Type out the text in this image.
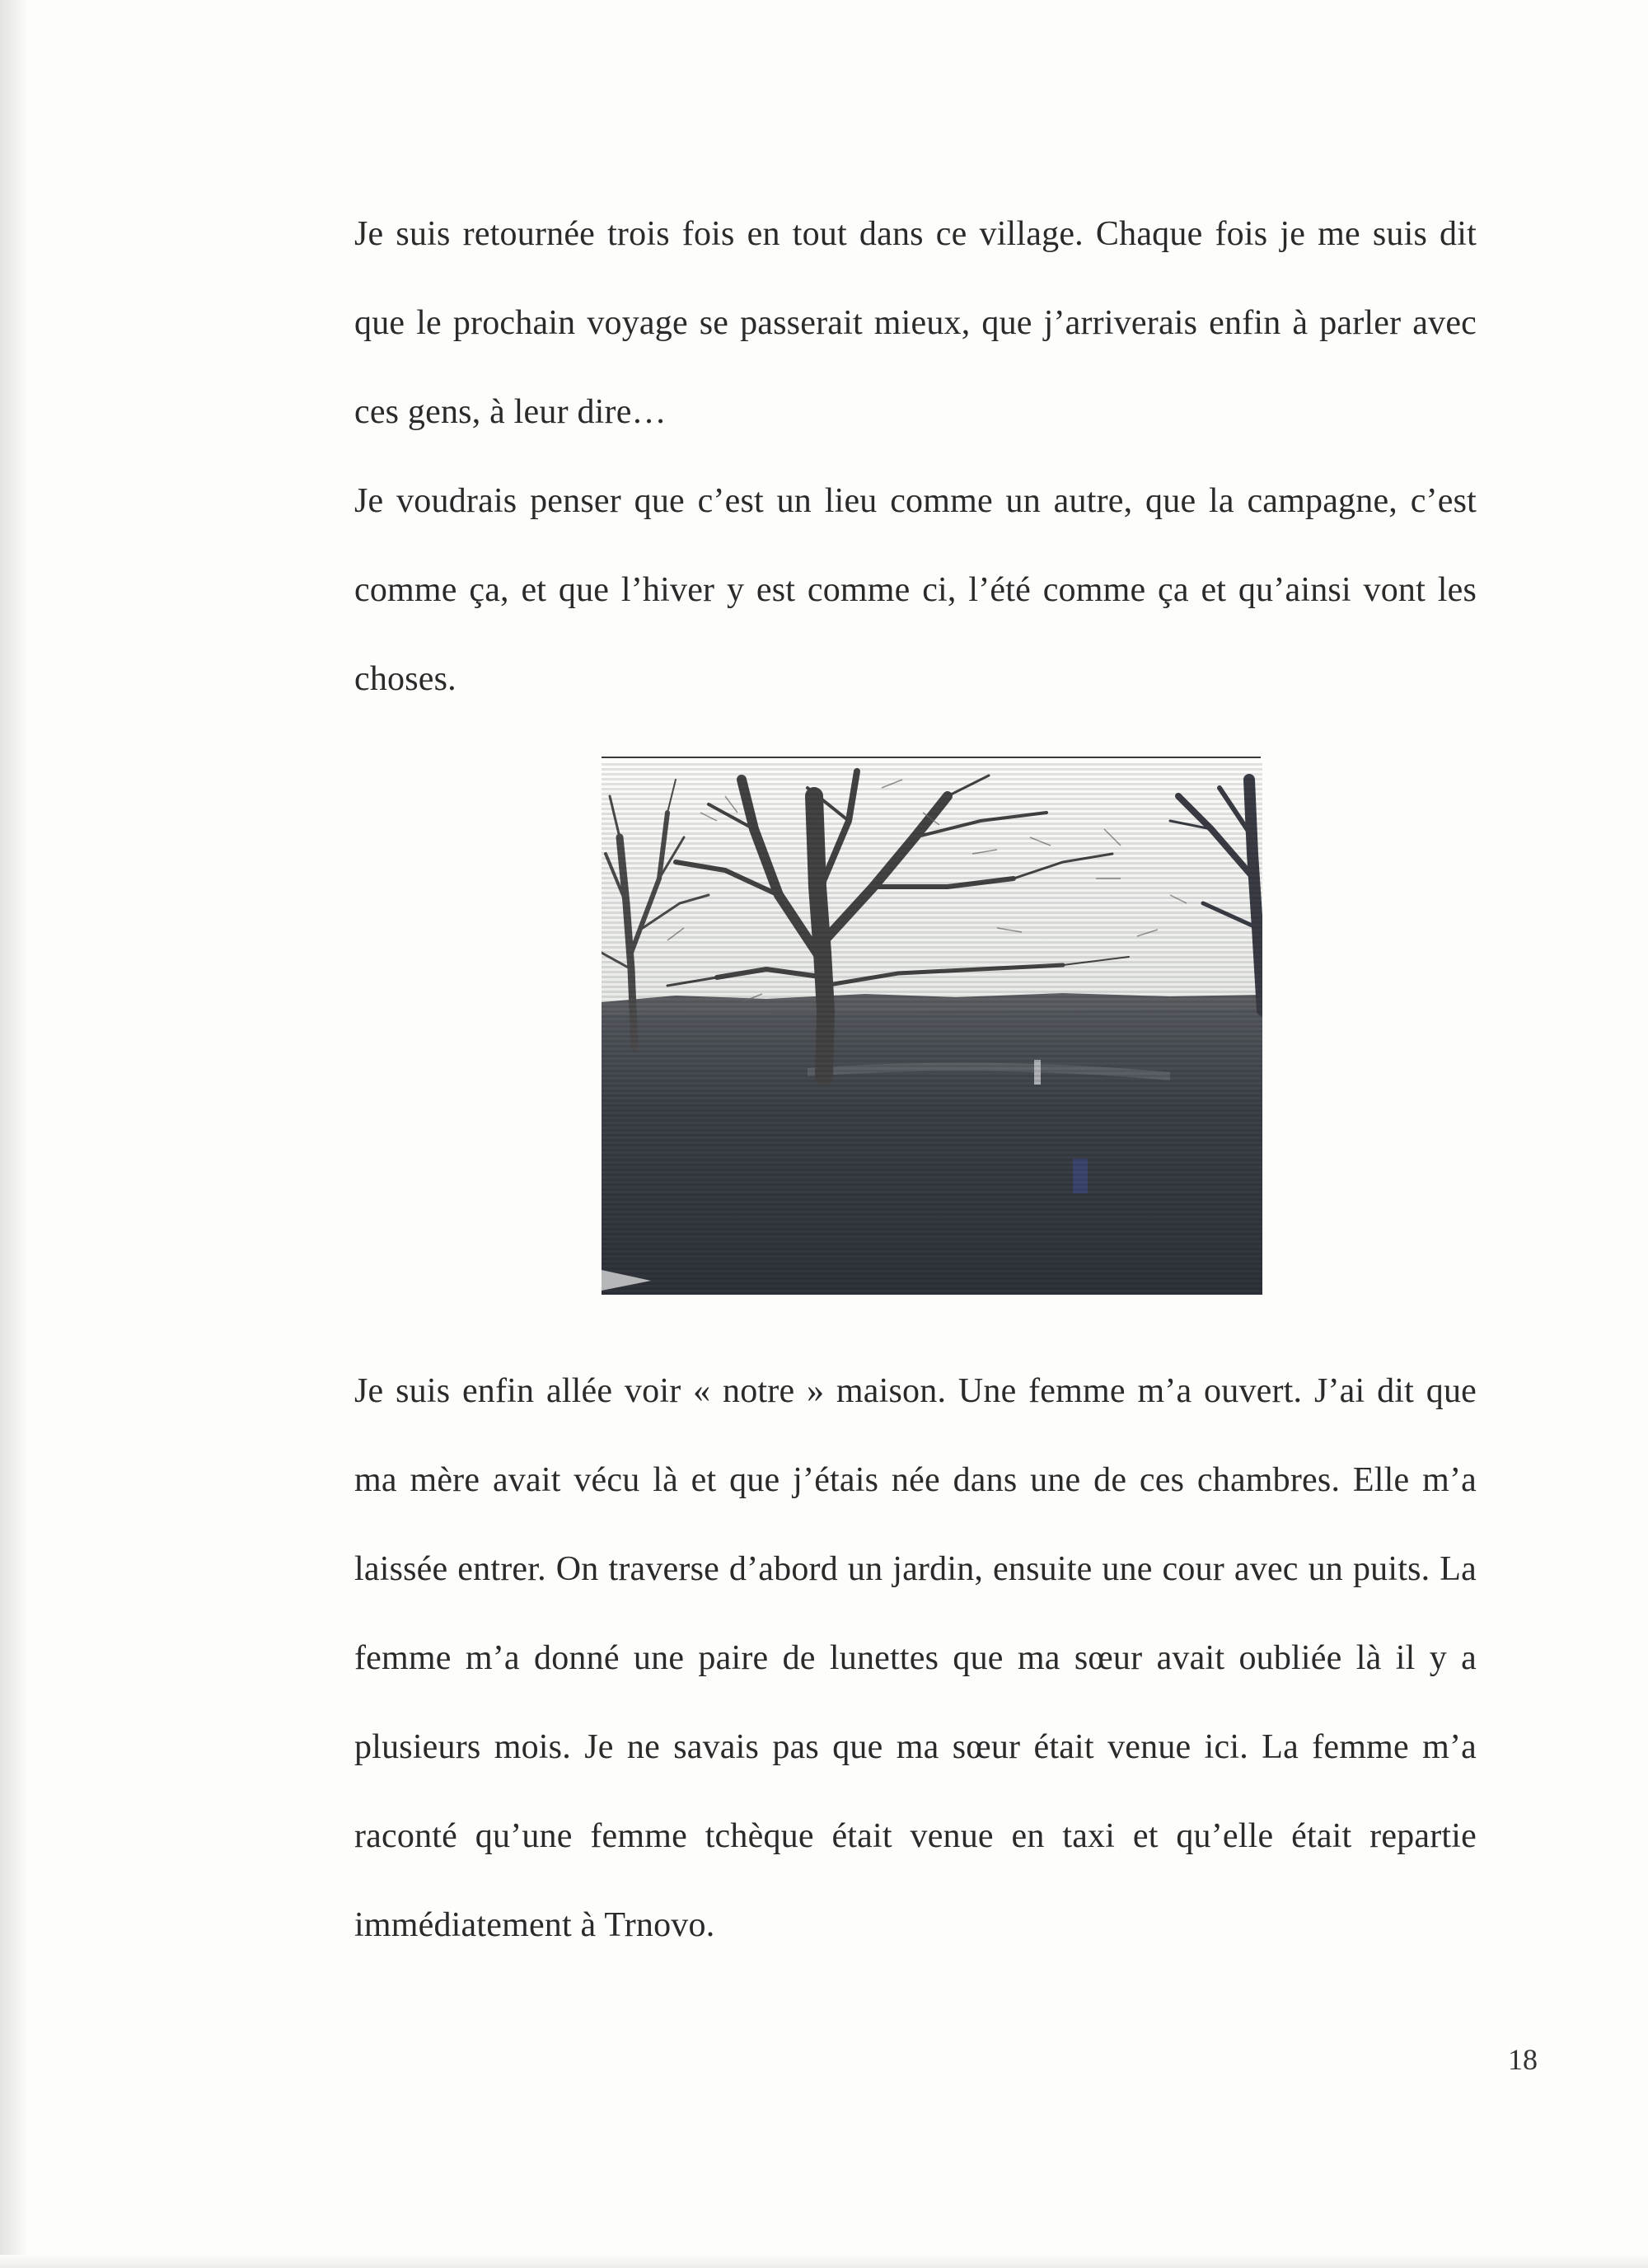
Je suis retournée trois fois en tout dans ce village. Chaque fois je me suis dit que le prochain voyage se passerait mieux, que j’arriverais enfin à parler avec ces gens, à leur dire…

Je voudrais penser que c’est un lieu comme un autre, que la campagne, c’est comme ça, et que l’hiver y est comme ci, l’été comme ça et qu’ainsi vont les choses.

Je suis enfin allée voir « notre » maison. Une femme m’a ouvert. J’ai dit que ma mère avait vécu là et que j’étais née dans une de ces chambres. Elle m’a laissée entrer. On traverse d’abord un jardin, ensuite une cour avec un puits. La femme m’a donné une paire de lunettes que ma sœur avait oubliée là il y a plusieurs mois. Je ne savais pas que ma sœur était venue ici. La femme m’a raconté qu’une femme tchèque était venue en taxi et qu’elle était repartie immédiatement à Trnovo.

18
